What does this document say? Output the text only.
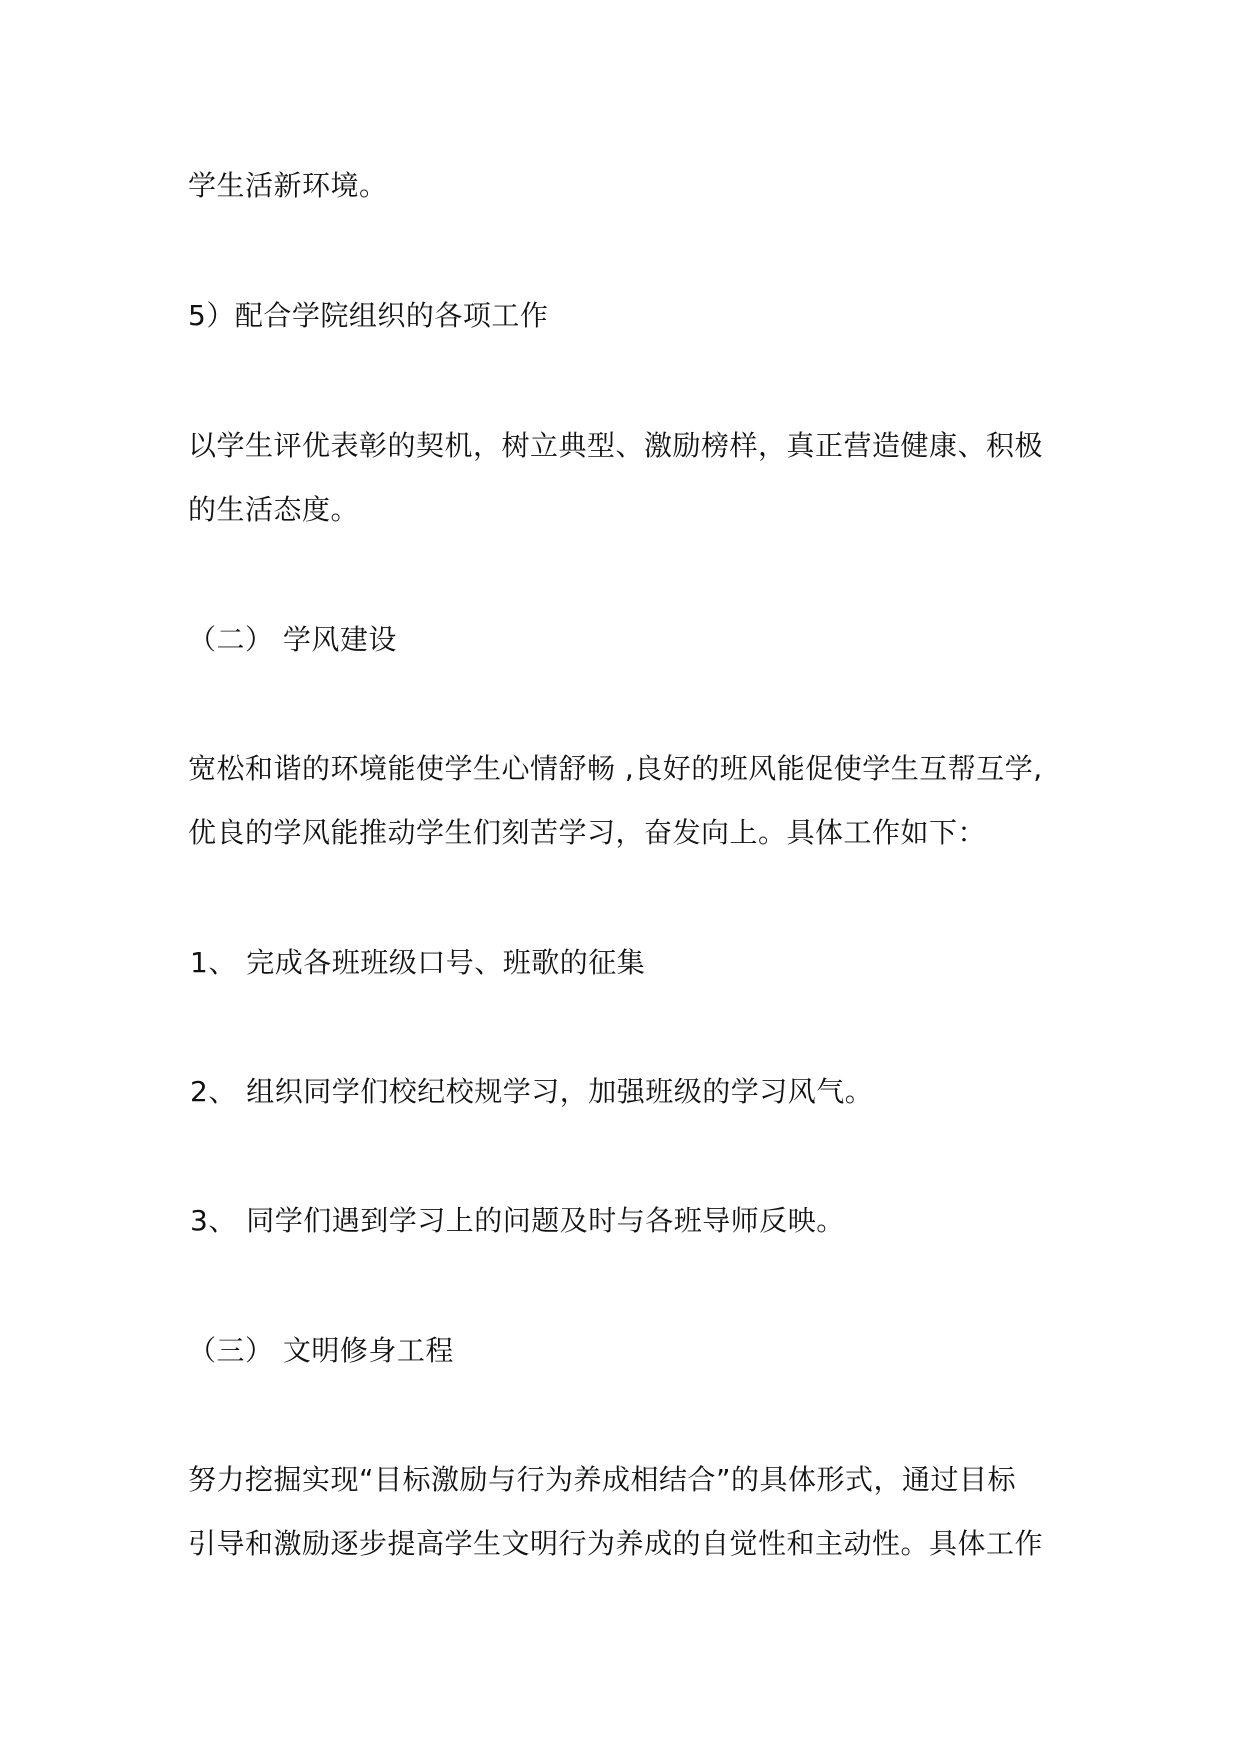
学生活新环境。
5）配合学院组织的各项工作
以学生评优表彰的契机，树立典型、激励榜样，真正营造健康、积极
的生活态度。
（二） 学风建设
宽松和谐的环境能使学生心情舒畅 ,良好的班风能促使学生互帮互学,
优良的学风能推动学生们刻苦学习，奋发向上。具体工作如下：
1、 完成各班班级口号、班歌的征集
2、 组织同学们校纪校规学习，加强班级的学习风气。
3、 同学们遇到学习上的问题及时与各班导师反映。
（三） 文明修身工程
努力挖掘实现“目标激励与行为养成相结合”的具体形式，通过目标
引导和激励逐步提高学生文明行为养成的自觉性和主动性。具体工作
